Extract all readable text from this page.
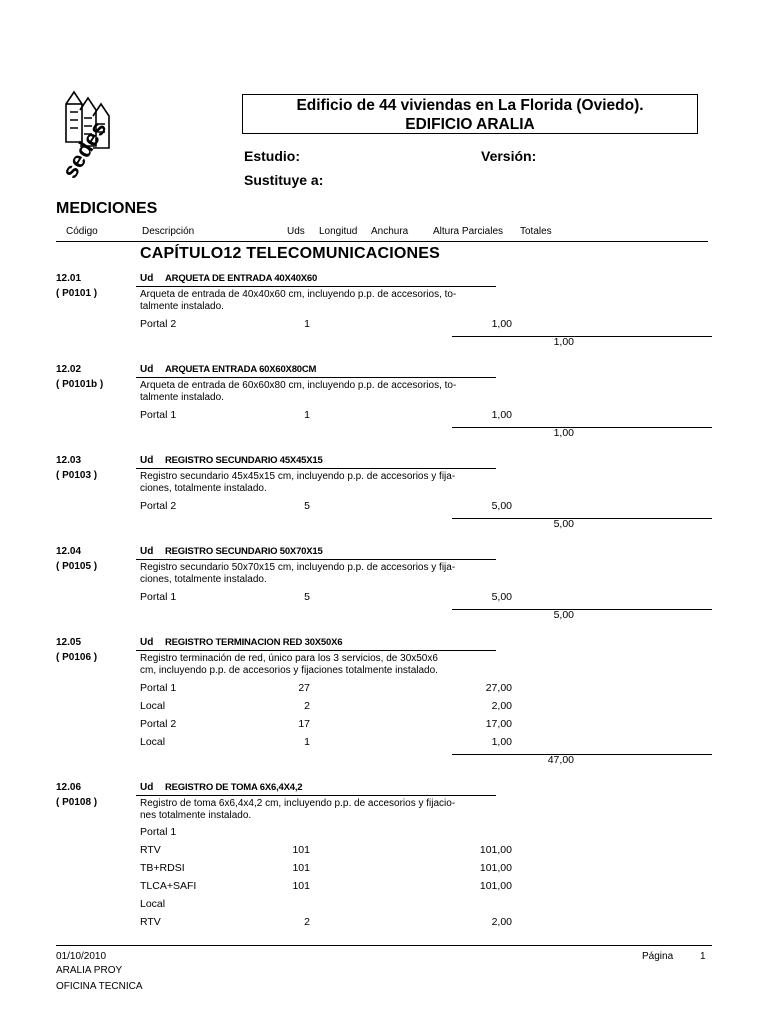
sedes
Edificio de 44 viviendas en La Florida (Oviedo).
EDIFICIO ARALIA
Estudio:	Versión:
Sustituye a:
MEDICIONES
Código	Descripción	Uds Longitud Anchura Altura Parciales Totales
CAPÍTULO12 TELECOMUNICACIONES
12.01
( P0101 )
Ud ARQUETA DE ENTRADA 40X40X60
Arqueta de entrada de 40x40x60 cm, incluyendo p.p. de accesorios, to-
talmente instalado.
Portal 2	1	1,00
1,00
12.02
( P0101b )
Ud ARQUETA ENTRADA 60X60X80CM
Arqueta de entrada de 60x60x80 cm, incluyendo p.p. de accesorios, to-
talmente instalado.
Portal 1	1	1,00
1,00
12.03
( P0103 )
Ud REGISTRO SECUNDARIO 45X45X15
Registro secundario 45x45x15 cm, incluyendo p.p. de accesorios y fija-
ciones, totalmente instalado.
Portal 2	5	5,00
5,00
12.04
( P0105 )
Ud REGISTRO SECUNDARIO 50X70X15
Registro secundario 50x70x15 cm, incluyendo p.p. de accesorios y fija-
ciones, totalmente instalado.
Portal 1	5	5,00
5,00
12.05
( P0106 )
Ud REGISTRO TERMINACION RED 30X50X6
Registro terminación de red, único para los 3 servicios, de 30x50x6
cm, incluyendo p.p. de accesorios y fijaciones totalmente instalado.
Portal 1	27	27,00
Local	2	2,00
Portal 2	17	17,00
Local	1	1,00
47,00
12.06
( P0108 )
Ud REGISTRO DE TOMA 6X6,4X4,2
Registro de toma 6x6,4x4,2 cm, incluyendo p.p. de accesorios y fijacio-
nes totalmente instalado.
Portal 1
RTV	101	101,00
TB+RDSI	101	101,00
TLCA+SAFI	101	101,00
Local
RTV	2	2,00
01/10/2010
ARALIA PROY
OFICINA TECNICA
Página	1
